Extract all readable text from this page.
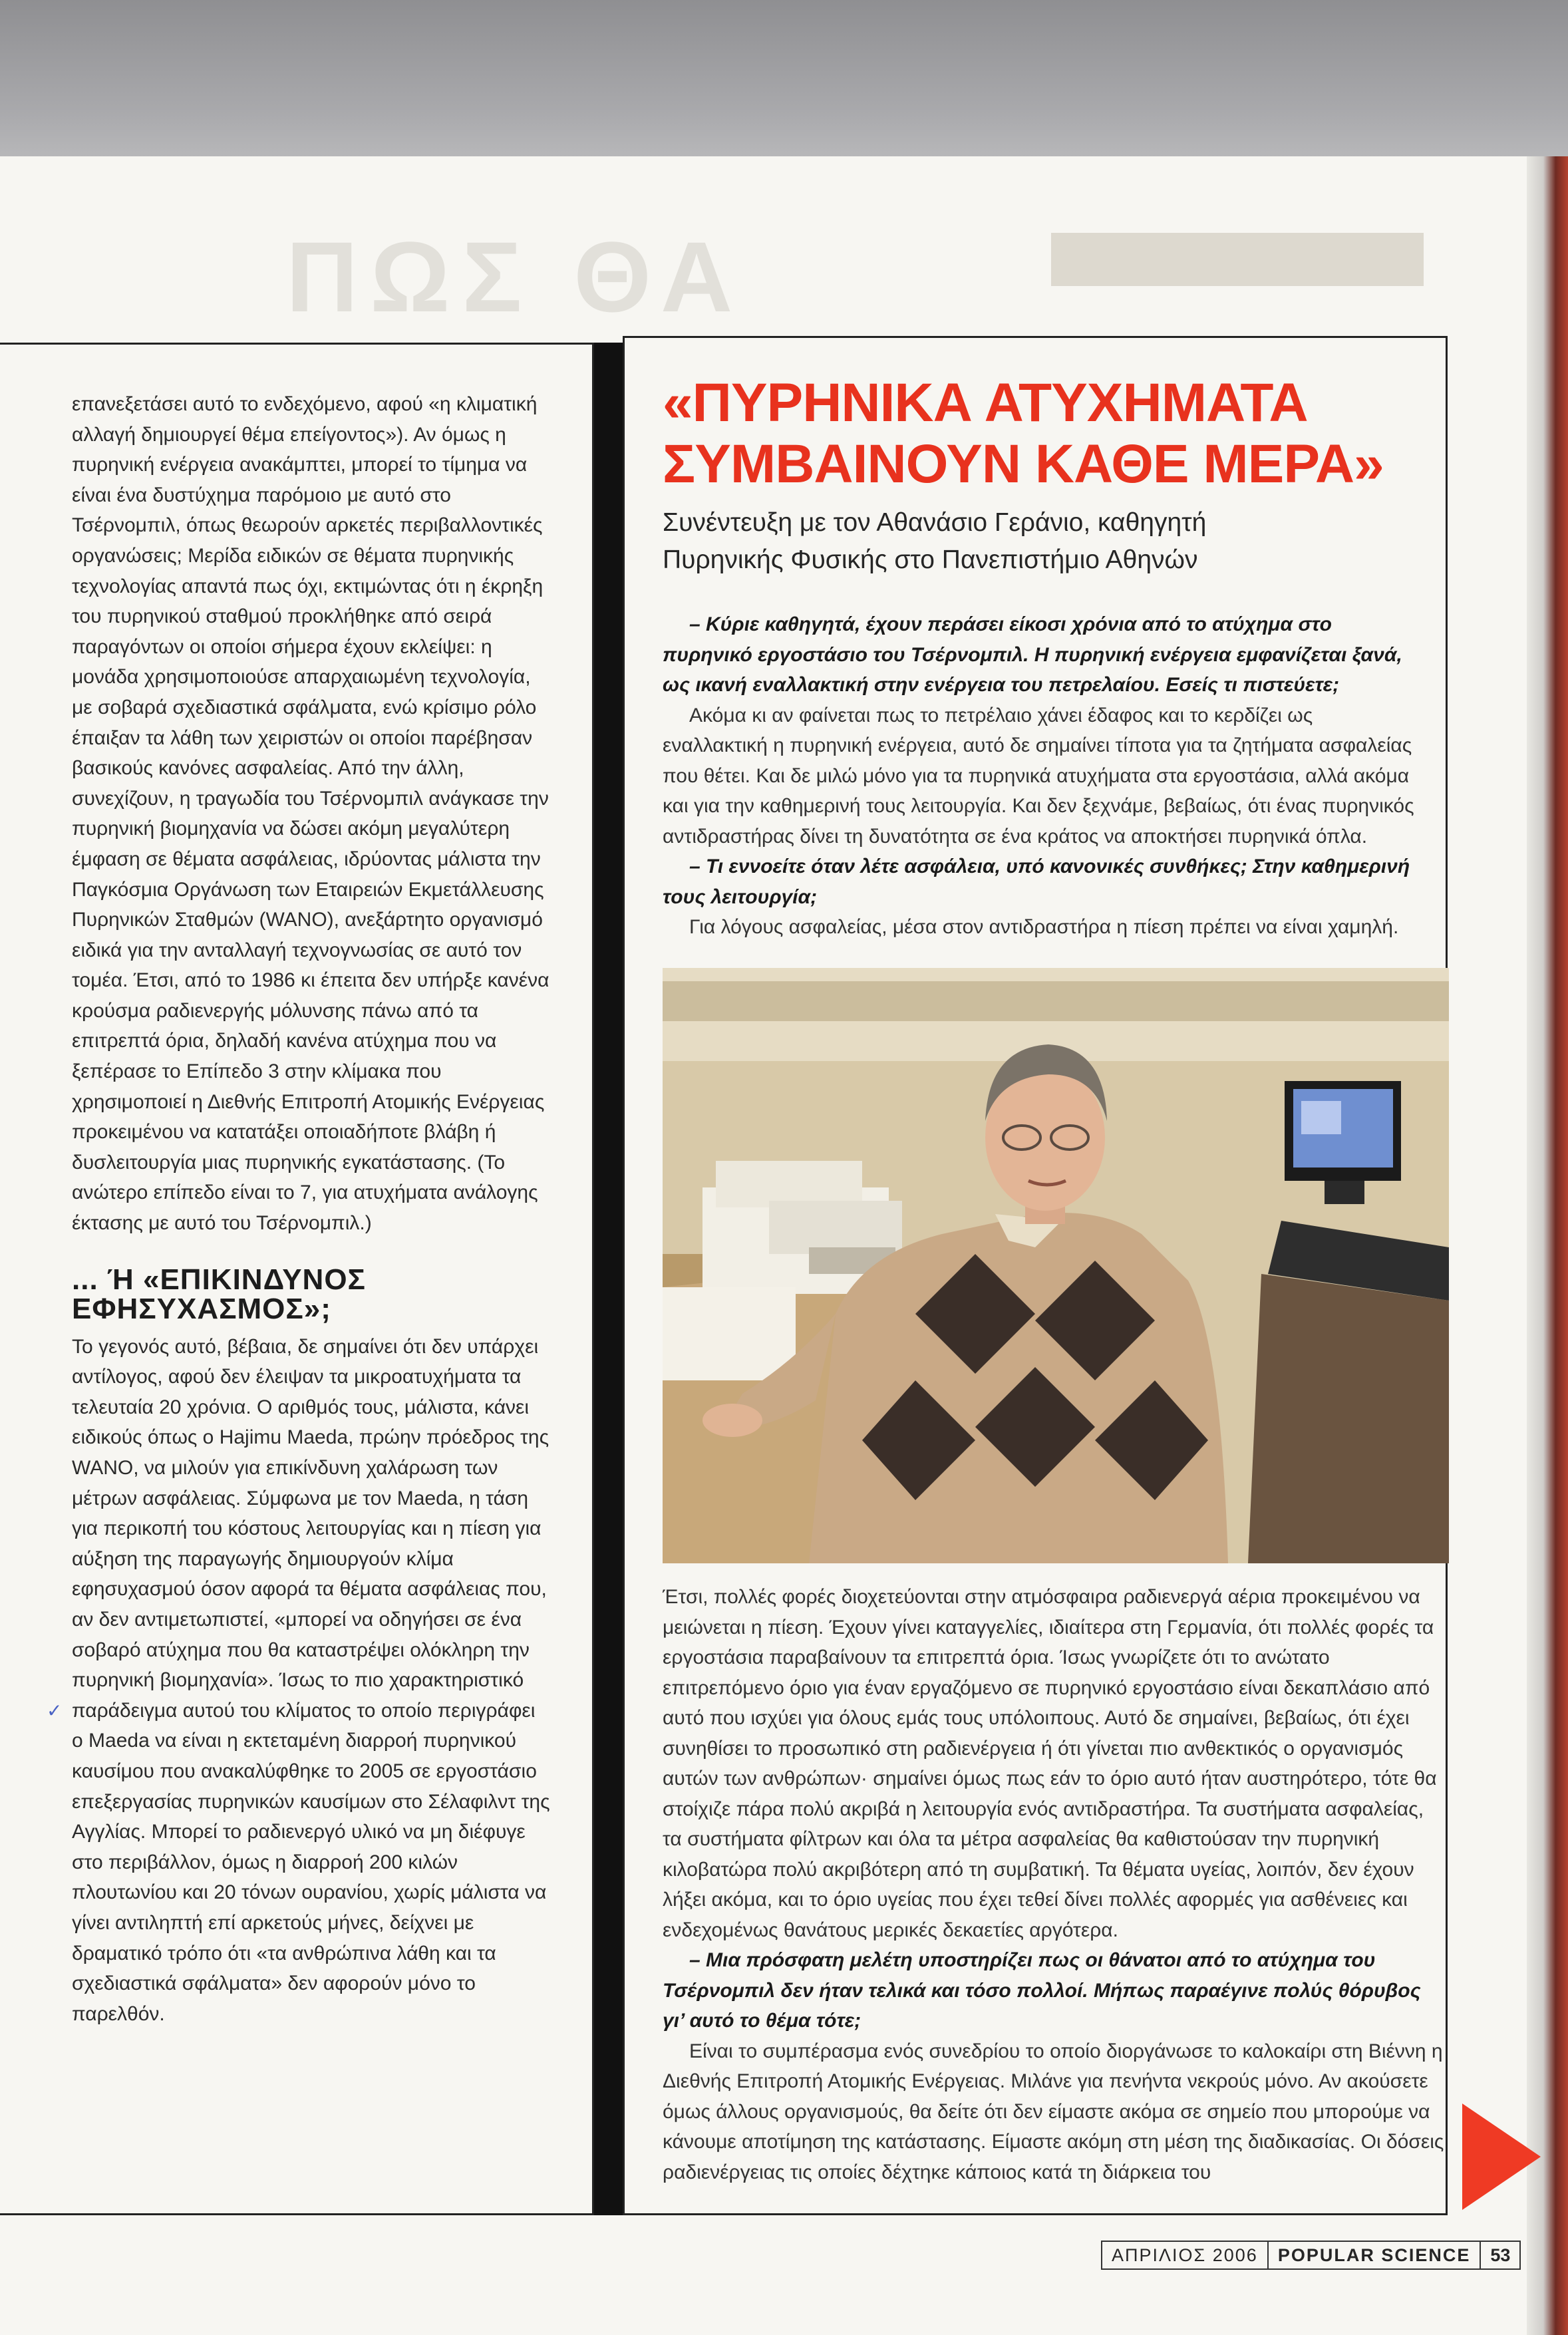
ΠΩΣ ΘΑ

επανεξετάσει αυτό το ενδεχόμενο, αφού «η κλιματική αλλαγή δημιουργεί θέμα επείγοντος»). Αν όμως η πυρηνική ενέργεια ανακάμπτει, μπορεί το τίμημα να είναι ένα δυστύχημα παρόμοιο με αυτό στο Τσέρνομπιλ, όπως θεωρούν αρκετές περιβαλλοντικές οργανώσεις; Μερίδα ειδικών σε θέματα πυρηνικής τεχνολογίας απαντά πως όχι, εκτιμώντας ότι η έκρηξη του πυρηνικού σταθμού προκλήθηκε από σειρά παραγόντων οι οποίοι σήμερα έχουν εκλείψει: η μονάδα χρησιμοποιούσε απαρχαιωμένη τεχνολογία, με σοβαρά σχεδιαστικά σφάλματα, ενώ κρίσιμο ρόλο έπαιξαν τα λάθη των χειριστών οι οποίοι παρέβησαν βασικούς κανόνες ασφαλείας. Από την άλλη, συνεχίζουν, η τραγωδία του Τσέρνομπιλ ανάγκασε την πυρηνική βιομηχανία να δώσει ακόμη μεγαλύτερη έμφαση σε θέματα ασφάλειας, ιδρύοντας μάλιστα την Παγκόσμια Οργάνωση των Εταιρειών Εκμετάλλευσης Πυρηνικών Σταθμών (WANO), ανεξάρτητο οργανισμό ειδικά για την ανταλλαγή τεχνογνωσίας σε αυτό τον τομέα. Έτσι, από το 1986 κι έπειτα δεν υπήρξε κανένα κρούσμα ραδιενεργής μόλυνσης πάνω από τα επιτρεπτά όρια, δηλαδή κανένα ατύχημα που να ξεπέρασε το Επίπεδο 3 στην κλίμακα που χρησιμοποιεί η Διεθνής Επιτροπή Ατομικής Ενέργειας προκειμένου να κατατάξει οποιαδήποτε βλάβη ή δυσλειτουργία μιας πυρηνικής εγκατάστασης. (Το ανώτερο επίπεδο είναι το 7, για ατυχήματα ανάλογης έκτασης με αυτό του Τσέρνομπιλ.)

... Ή «ΕΠΙΚΙΝΔΥΝΟΣ ΕΦΗΣΥΧΑΣΜΟΣ»;

Το γεγονός αυτό, βέβαια, δε σημαίνει ότι δεν υπάρχει αντίλογος, αφού δεν έλειψαν τα μικροατυχήματα τα τελευταία 20 χρόνια. Ο αριθμός τους, μάλιστα, κάνει ειδικούς όπως ο Hajimu Maeda, πρώην πρόεδρος της WANO, να μιλούν για επικίνδυνη χαλάρωση των μέτρων ασφάλειας. Σύμφωνα με τον Maeda, η τάση για περικοπή του κόστους λειτουργίας και η πίεση για αύξηση της παραγωγής δημιουργούν κλίμα εφησυχασμού όσον αφορά τα θέματα ασφάλειας που, αν δεν αντιμετωπιστεί, «μπορεί να οδηγήσει σε ένα σοβαρό ατύχημα που θα καταστρέψει ολόκληρη την πυρηνική βιομηχανία». Ίσως το πιο χαρακτηριστικό παράδειγμα αυτού του κλίματος το οποίο περιγράφει ο Maeda να είναι η εκτεταμένη διαρροή πυρηνικού καυσίμου που ανακαλύφθηκε το 2005 σε εργοστάσιο επεξεργασίας πυρηνικών καυσίμων στο Σέλαφιλντ της Αγγλίας. Μπορεί το ραδιενεργό υλικό να μη διέφυγε στο περιβάλλον, όμως η διαρροή 200 κιλών πλουτωνίου και 20 τόνων ουρανίου, χωρίς μάλιστα να γίνει αντιληπτή επί αρκετούς μήνες, δείχνει με δραματικό τρόπο ότι «τα ανθρώπινα λάθη και τα σχεδιαστικά σφάλματα» δεν αφορούν μόνο το παρελθόν.

✓
«ΠΥΡΗΝΙΚΑ ΑΤΥΧΗΜΑΤΑ
ΣΥΜΒΑΙΝΟΥΝ ΚΑΘΕ ΜΕΡΑ»
Συνέντευξη με τον Αθανάσιο Γεράνιο, καθηγητή
Πυρηνικής Φυσικής στο Πανεπιστήμιο Αθηνών

– Κύριε καθηγητά, έχουν περάσει είκοσι χρόνια από το ατύχημα στο πυρηνικό εργοστάσιο του Τσέρνομπιλ. Η πυρηνική ενέργεια εμφανίζεται ξανά, ως ικανή εναλλακτική στην ενέργεια του πετρελαίου. Εσείς τι πιστεύετε;

Ακόμα κι αν φαίνεται πως το πετρέλαιο χάνει έδαφος και το κερδίζει ως εναλλακτική η πυρηνική ενέργεια, αυτό δε σημαίνει τίποτα για τα ζητήματα ασφαλείας που θέτει. Και δε μιλώ μόνο για τα πυρηνικά ατυχήματα στα εργοστάσια, αλλά ακόμα και για την καθημερινή τους λειτουργία. Και δεν ξεχνάμε, βεβαίως, ότι ένας πυρηνικός αντιδραστήρας δίνει τη δυνατότητα σε ένα κράτος να αποκτήσει πυρηνικά όπλα.

– Τι εννοείτε όταν λέτε ασφάλεια, υπό κανονικές συνθήκες; Στην καθημερινή τους λειτουργία;

Για λόγους ασφαλείας, μέσα στον αντιδραστήρα η πίεση πρέπει να είναι χαμηλή.

Έτσι, πολλές φορές διοχετεύονται στην ατμόσφαιρα ραδιενεργά αέρια προκειμένου να μειώνεται η πίεση. Έχουν γίνει καταγγελίες, ιδιαίτερα στη Γερμανία, ότι πολλές φορές τα εργοστάσια παραβαίνουν τα επιτρεπτά όρια. Ίσως γνωρίζετε ότι το ανώτατο επιτρεπόμενο όριο για έναν εργαζόμενο σε πυρηνικό εργοστάσιο είναι δεκαπλάσιο από αυτό που ισχύει για όλους εμάς τους υπόλοιπους. Αυτό δε σημαίνει, βεβαίως, ότι έχει συνηθίσει το προσωπικό στη ραδιενέργεια ή ότι γίνεται πιο ανθεκτικός ο οργανισμός αυτών των ανθρώπων· σημαίνει όμως πως εάν το όριο αυτό ήταν αυστηρότερο, τότε θα στοίχιζε πάρα πολύ ακριβά η λειτουργία ενός αντιδραστήρα. Τα συστήματα ασφαλείας, τα συστήματα φίλτρων και όλα τα μέτρα ασφαλείας θα καθιστούσαν την πυρηνική κιλοβατώρα πολύ ακριβότερη από τη συμβατική. Τα θέματα υγείας, λοιπόν, δεν έχουν λήξει ακόμα, και το όριο υγείας που έχει τεθεί δίνει πολλές αφορμές για ασθένειες και ενδεχομένως θανάτους μερικές δεκαετίες αργότερα.

– Μια πρόσφατη μελέτη υποστηρίζει πως οι θάνατοι από το ατύχημα του Τσέρνομπιλ δεν ήταν τελικά και τόσο πολλοί. Μήπως παραέγινε πολύς θόρυβος γι’ αυτό το θέμα τότε;

Είναι το συμπέρασμα ενός συνεδρίου το οποίο διοργάνωσε το καλοκαίρι στη Βιέννη η Διεθνής Επιτροπή Ατομικής Ενέργειας. Μιλάνε για πενήντα νεκρούς μόνο. Αν ακούσετε όμως άλλους οργανισμούς, θα δείτε ότι δεν είμαστε ακόμα σε σημείο που μπορούμε να κάνουμε αποτίμηση της κατάστασης. Είμαστε ακόμη στη μέση της διαδικασίας. Οι δόσεις ραδιενέργειας τις οποίες δέχτηκε κάποιος κατά τη διάρκεια του

ΑΠΡΙΛΙΟΣ 2006	POPULAR SCIENCE	53
